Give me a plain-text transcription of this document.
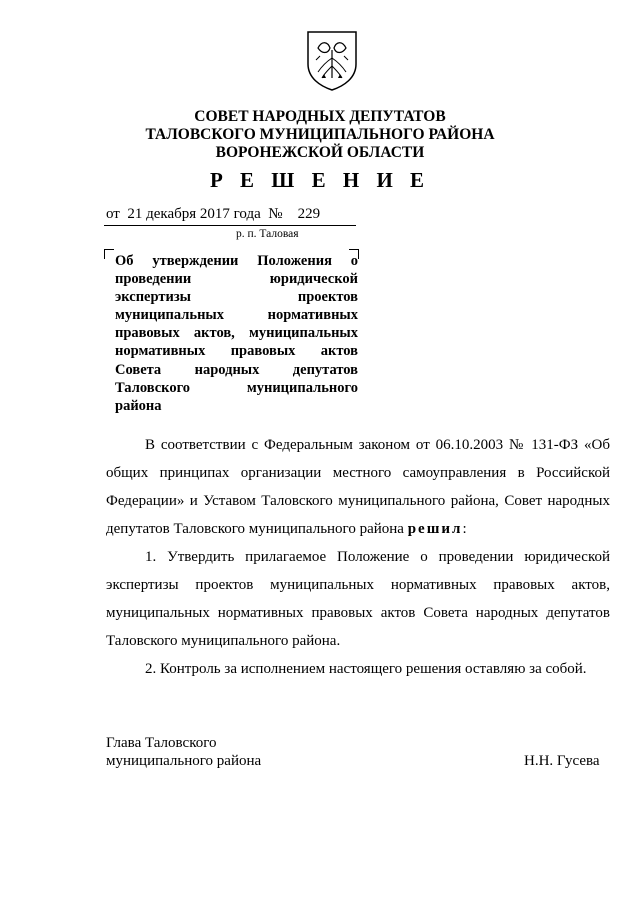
СОВЕТ НАРОДНЫХ ДЕПУТАТОВ
ТАЛОВСКОГО МУНИЦИПАЛЬНОГО РАЙОНА
ВОРОНЕЖСКОЙ ОБЛАСТИ
Р Е Ш Е Н И Е
от  21 декабря 2017 года  №    229
р. п. Таловая
Об утверждении Положения о
проведении юридической
экспертизы проектов
муниципальных нормативных
правовых актов, муниципальных
нормативных правовых актов
Совета народных депутатов
Таловского муниципального
района
В соответствии с Федеральным законом от 06.10.2003 № 131-ФЗ «Об
общих принципах организации местного самоуправления в Российской
Федерации» и Уставом Таловского муниципального района, Совет народных
депутатов Таловского муниципального района решил:
1. Утвердить прилагаемое Положение о проведении юридической
экспертизы проектов муниципальных нормативных правовых актов,
муниципальных нормативных правовых актов Совета народных депутатов
Таловского муниципального района.
2. Контроль за исполнением настоящего решения оставляю за собой.
Глава Таловского
муниципального района	Н.Н. Гусева
